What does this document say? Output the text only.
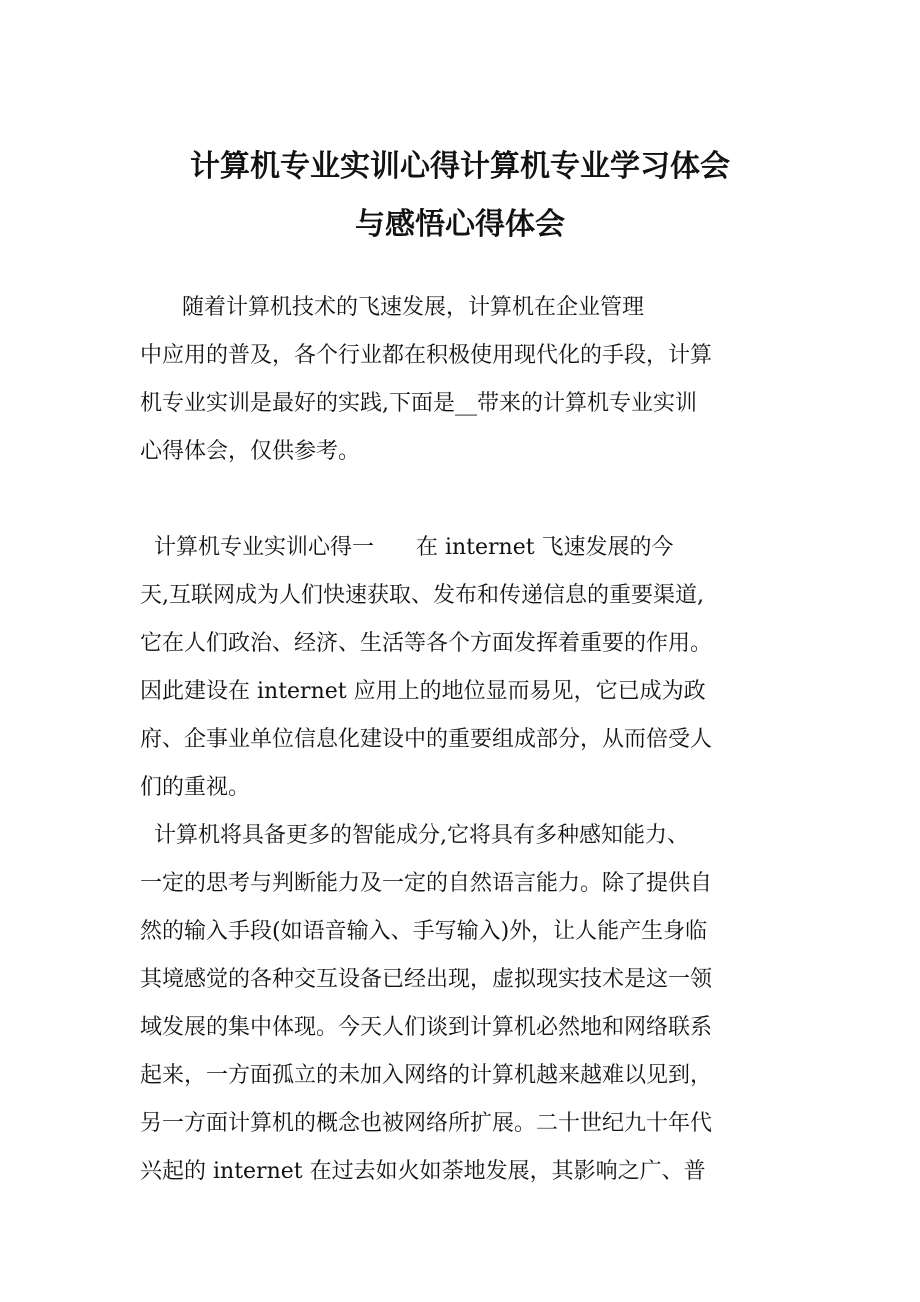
计算机专业实训心得计算机专业学习体会
与感悟心得体会
随着计算机技术的飞速发展，计算机在企业管理
中应用的普及，各个行业都在积极使用现代化的手段，计算
机专业实训是最好的实践,下面是__带来的计算机专业实训
心得体会，仅供参考。
计算机专业实训心得一      在 internet 飞速发展的今
天,互联网成为人们快速获取、发布和传递信息的重要渠道,
它在人们政治、经济、生活等各个方面发挥着重要的作用。
因此建设在 internet 应用上的地位显而易见，它已成为政
府、企事业单位信息化建设中的重要组成部分，从而倍受人
们的重视。
计算机将具备更多的智能成分,它将具有多种感知能力、
一定的思考与判断能力及一定的自然语言能力。除了提供自
然的输入手段(如语音输入、手写输入)外，让人能产生身临
其境感觉的各种交互设备已经出现，虚拟现实技术是这一领
域发展的集中体现。今天人们谈到计算机必然地和网络联系
起来，一方面孤立的未加入网络的计算机越来越难以见到，
另一方面计算机的概念也被网络所扩展。二十世纪九十年代
兴起的 internet 在过去如火如荼地发展，其影响之广、普
